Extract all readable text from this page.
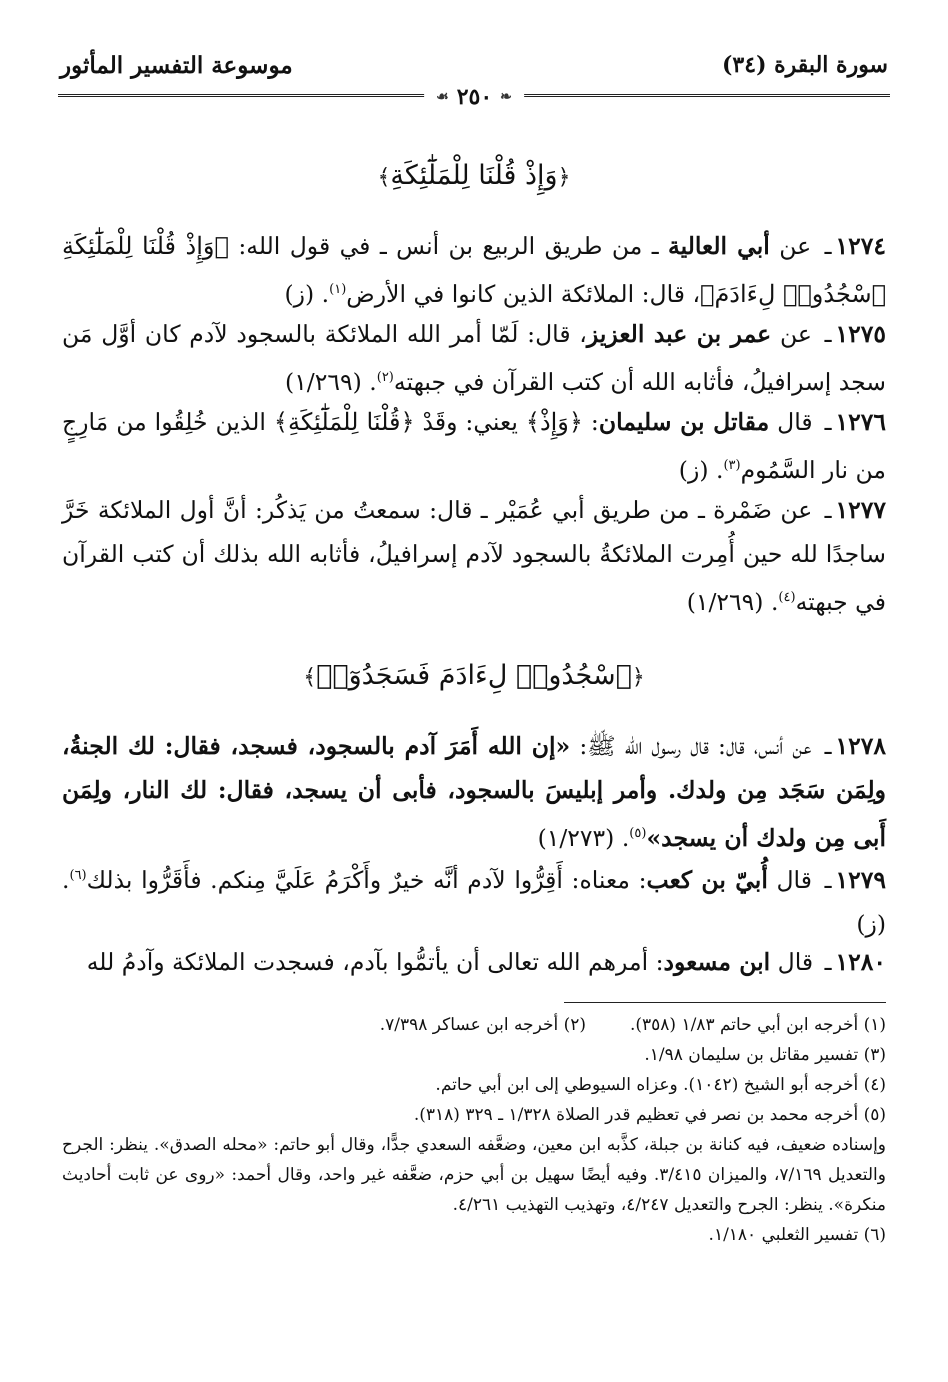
سورة البقرة (٣٤)
موسوعة التفسير المأثور
❧
٢٥٠
☙
﴿وَإِذْ قُلْنَا لِلْمَلَٰٓئِكَةِ﴾
١٢٧٤ـ عن أبي العالية ـ من طريق الربيع بن أنس ـ في قول الله: ﴿وَإِذْ قُلْنَا لِلْمَلَٰٓئِكَةِ ٱسْجُدُوا۟ لِءَادَمَ﴾، قال: الملائكة الذين كانوا في الأرض$^{(١)}$. (ز)
١٢٧٥ـ عن عمر بن عبد العزيز، قال: لَمّا أمر الله الملائكة بالسجود لآدم كان أوَّل مَن سجد إسرافيلُ، فأثابه الله أن كتب القرآن في جبهته$^{(٢)}$. (١/٢٦٩)
١٢٧٦ـ قال مقاتل بن سليمان: ﴿وَإِذْ﴾ يعني: وقَدْ ﴿قُلْنَا لِلْمَلَٰٓئِكَةِ﴾ الذين خُلِقُوا من مَارِجٍ من نار السَّمُوم$^{(٣)}$. (ز)
١٢٧٧ـ عن ضَمْرة ـ من طريق أبي عُمَيْر ـ قال: سمعتُ من يَذكُر: أنَّ أول الملائكة خَرَّ ساجدًا لله حين أُمِرت الملائكةُ بالسجود لآدم إسرافيلُ، فأثابه الله بذلك أن كتب القرآن في جبهته$^{(٤)}$. (١/٢٦٩)
﴿ٱسْجُدُوا۟ لِءَادَمَ فَسَجَدُوٓا۟﴾
١٢٧٨ـ عن أنس، قال: قال رسول الله ﷺ: «إن الله أَمَرَ آدم بالسجود، فسجد، فقال: لك الجنةُ، ولِمَن سَجَد مِن ولدك. وأمر إبليسَ بالسجود، فأبى أن يسجد، فقال: لك النار، ولِمَن أَبى مِن ولدك أن يسجد»$^{(٥)}$. (١/٢٧٣)
١٢٧٩ـ قال أُبيّ بن كعب: معناه: أَقِرُّوا لآدم أنَّه خيرٌ وأَكْرَمُ عَلَيَّ مِنكم. فأَقَرُّوا بذلك$^{(٦)}$. (ز)
١٢٨٠ـ قال ابن مسعود: أمرهم الله تعالى أن يأتمُّوا بآدم، فسجدت الملائكة وآدمُ لله
(١) أخرجه ابن أبي حاتم ١/٨٣ (٣٥٨).
(٢) أخرجه ابن عساكر ٧/٣٩٨.
(٣) تفسير مقاتل بن سليمان ١/٩٨.
(٤) أخرجه أبو الشيخ (١٠٤٢). وعزاه السيوطي إلى ابن أبي حاتم.
(٥) أخرجه محمد بن نصر في تعظيم قدر الصلاة ١/٣٢٨ ـ ٣٢٩ (٣١٨).
وإسناده ضعيف، فيه كنانة بن جبلة، كذَّبه ابن معين، وضعَّفه السعدي جدًّا، وقال أبو حاتم: «محله الصدق». ينظر: الجرح والتعديل ٧/١٦٩، والميزان ٣/٤١٥. وفيه أيضًا سهيل بن أبي حزم، ضعَّفه غير واحد، وقال أحمد: «روى عن ثابت أحاديث منكرة». ينظر: الجرح والتعديل ٤/٢٤٧، وتهذيب التهذيب ٤/٢٦١.
(٦) تفسير الثعلبي ١/١٨٠.
